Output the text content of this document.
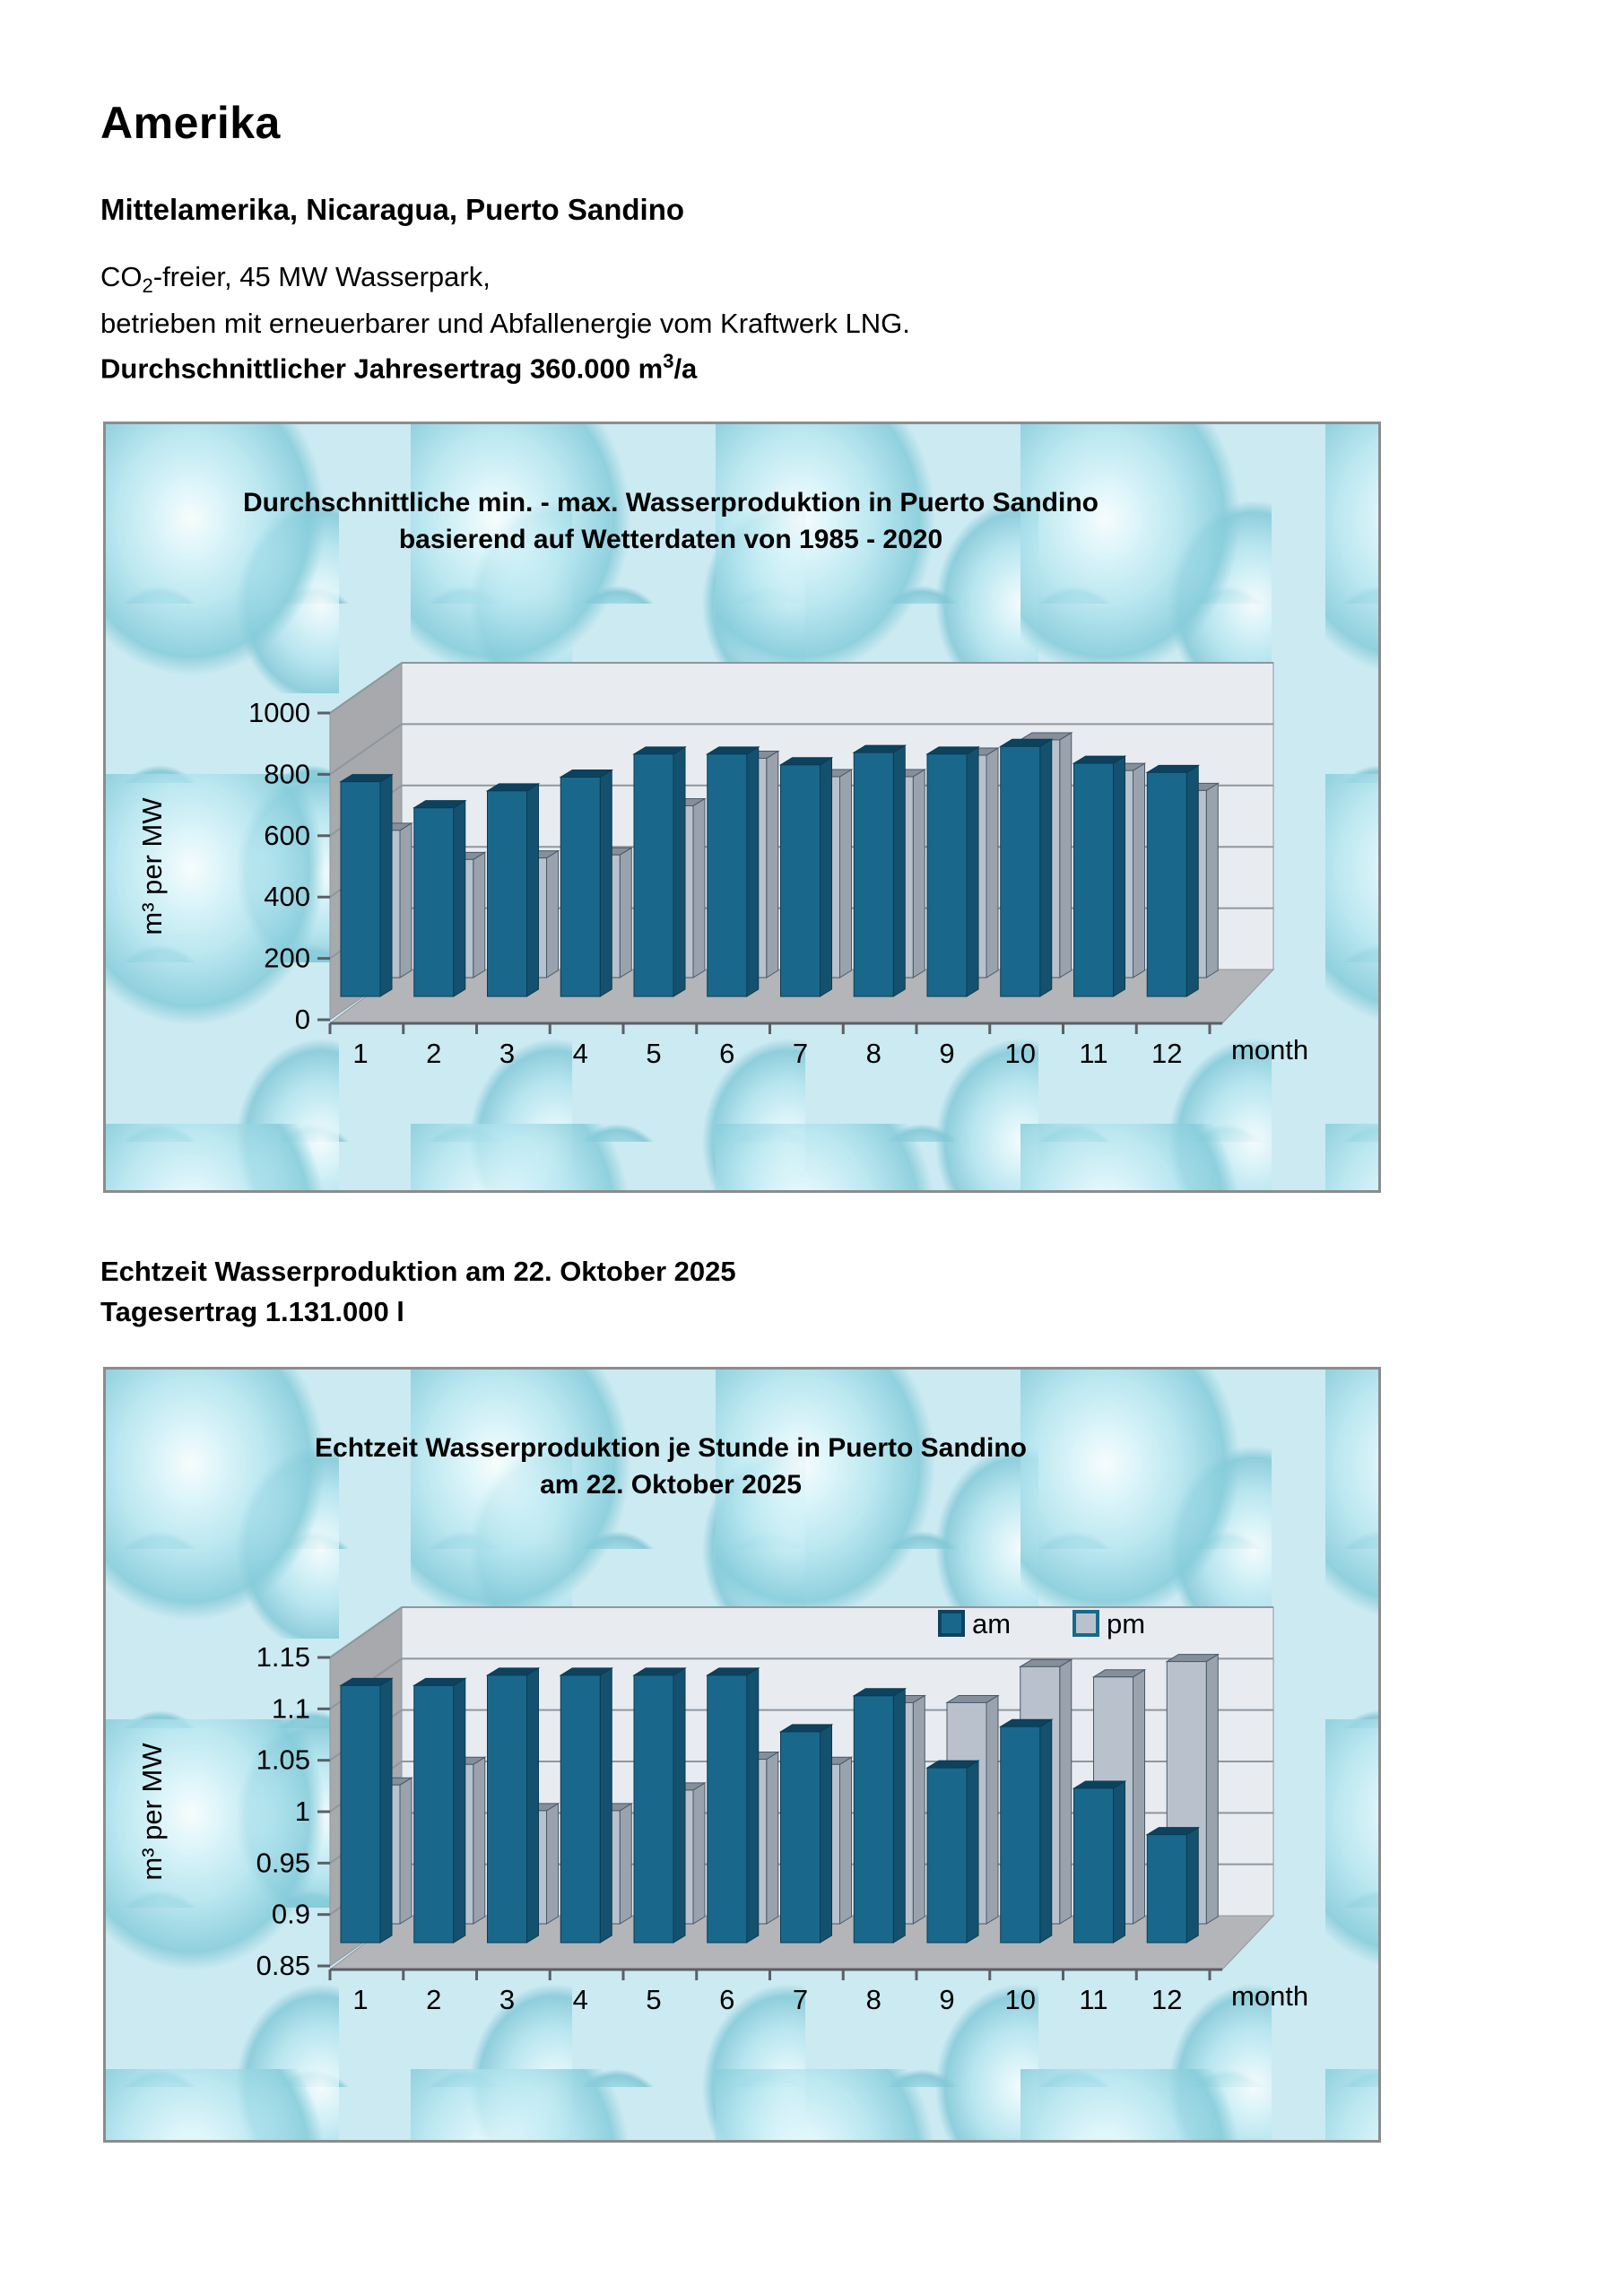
Amerika
Mittelamerika, Nicaragua, Puerto Sandino
$CO_2$-freier, 45 MW Wasserpark,
betrieben mit erneuerbarer und Abfallenergie vom Kraftwerk LNG.
Durchschnittlicher Jahresertrag 360.000 $m^3/a$
1000
800
600
400
200
0
1 2 3 4 5 6 7 8 9 10 11 12 month
m³ per MW
Durchschnittliche min. - max. Wasserproduktion in Puerto Sandino
basierend auf Wetterdaten von 1985 - 2020
Echtzeit Wasserproduktion am 22. Oktober 2025
Tagesertrag 1.131.000 l
1.15
1.1
1.05
1
0.95
0.9
0.85
1 2 3 4 5 6 7 8 9 10 11 12 month
m³ per MW
Echtzeit Wasserproduktion je Stunde in Puerto Sandino
am 22. Oktober 2025
am	pm
